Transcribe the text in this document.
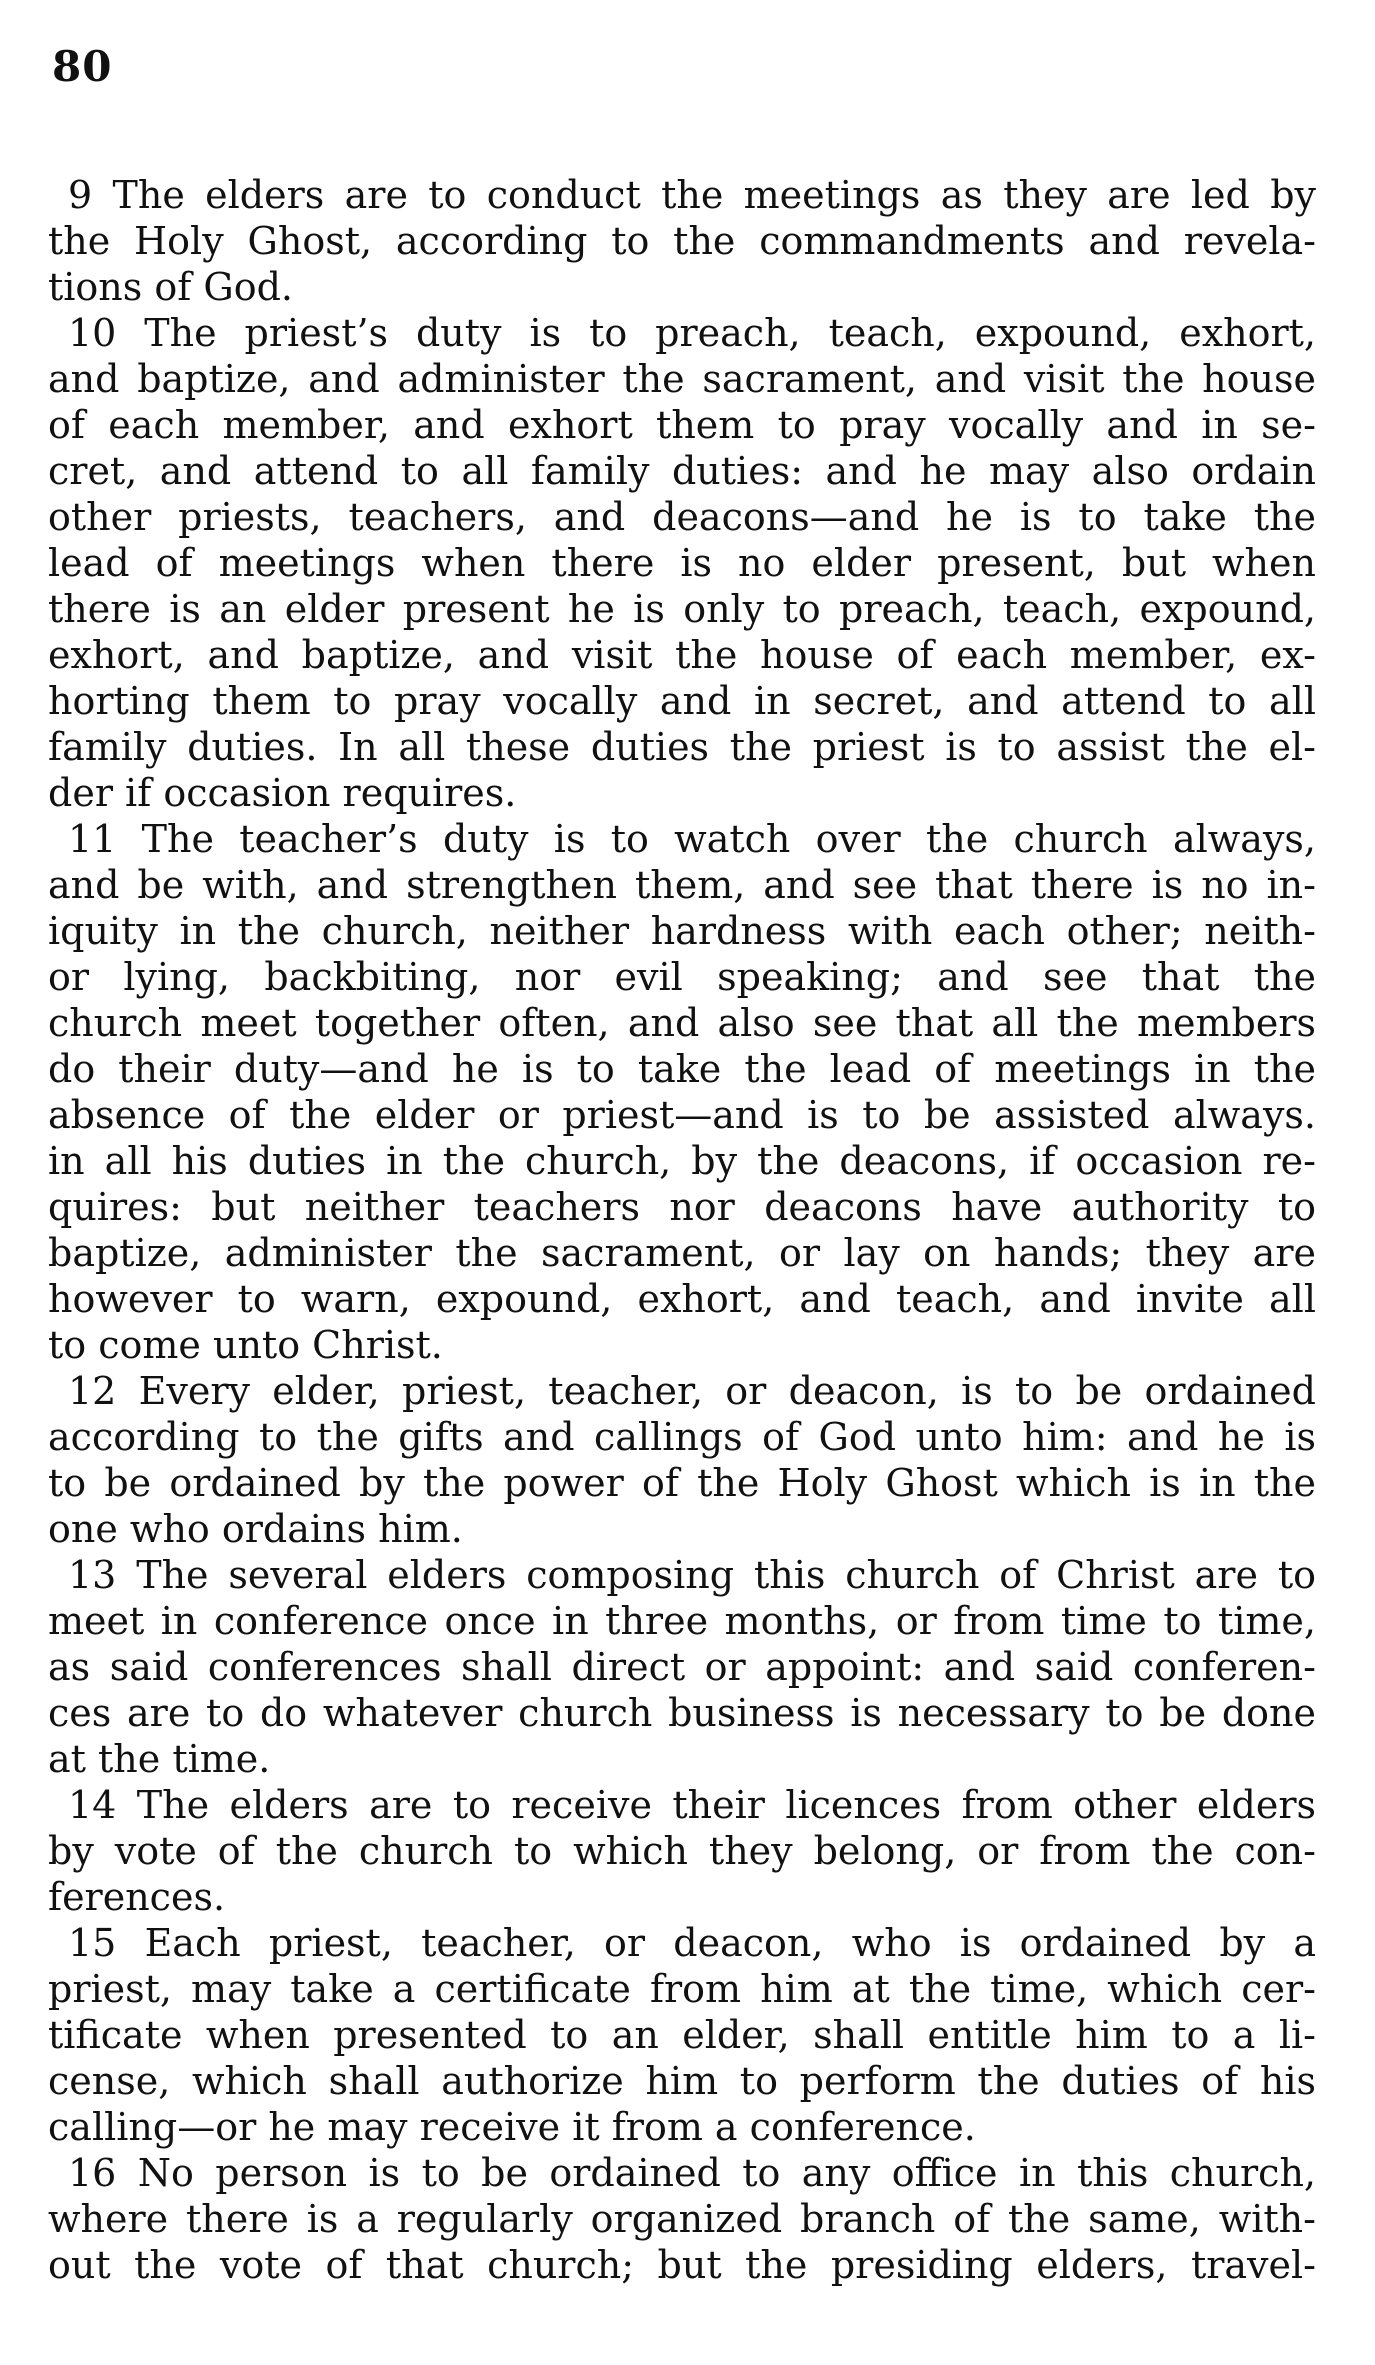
80
9 The elders are to conduct the meetings as they are led by
the Holy Ghost, according to the commandments and revela-
tions of God.
10 The priest’s duty is to preach, teach, expound, exhort,
and baptize, and administer the sacrament, and visit the house
of each member, and exhort them to pray vocally and in se-
cret, and attend to all family duties: and he may also ordain
other priests, teachers, and deacons—and he is to take the
lead of meetings when there is no elder present, but when
there is an elder present he is only to preach, teach, expound,
exhort, and baptize, and visit the house of each member, ex-
horting them to pray vocally and in secret, and attend to all
family duties. In all these duties the priest is to assist the el-
der if occasion requires.
11 The teacher’s duty is to watch over the church always,
and be with, and strengthen them, and see that there is no in-
iquity in the church, neither hardness with each other; neith-
or lying, backbiting, nor evil speaking; and see that the
church meet together often, and also see that all the members
do their duty—and he is to take the lead of meetings in the
absence of the elder or priest—and is to be assisted always.
in all his duties in the church, by the deacons, if occasion re-
quires: but neither teachers nor deacons have authority to
baptize, administer the sacrament, or lay on hands; they are
however to warn, expound, exhort, and teach, and invite all
to come unto Christ.
12 Every elder, priest, teacher, or deacon, is to be ordained
according to the gifts and callings of God unto him: and he is
to be ordained by the power of the Holy Ghost which is in the
one who ordains him.
13 The several elders composing this church of Christ are to
meet in conference once in three months, or from time to time,
as said conferences shall direct or appoint: and said conferen-
ces are to do whatever church business is necessary to be done
at the time.
14 The elders are to receive their licences from other elders
by vote of the church to which they belong, or from the con-
ferences.
15 Each priest, teacher, or deacon, who is ordained by a
priest, may take a certificate from him at the time, which cer-
tificate when presented to an elder, shall entitle him to a li-
cense, which shall authorize him to perform the duties of his
calling—or he may receive it from a conference.
16 No person is to be ordained to any office in this church,
where there is a regularly organized branch of the same, with-
out the vote of that church; but the presiding elders, travel-
